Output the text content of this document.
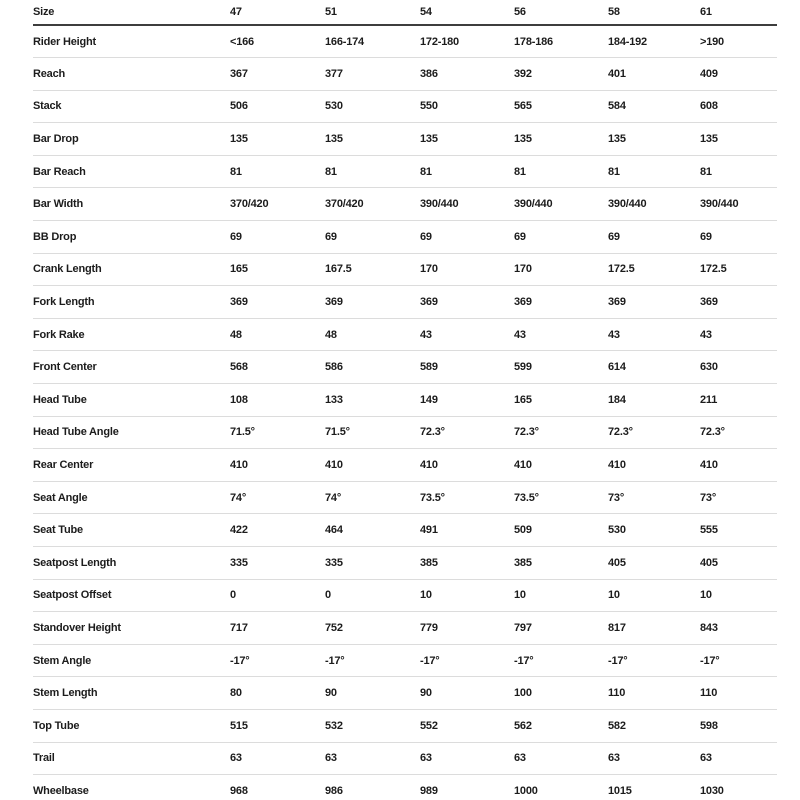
Size	47	51	54	56	58	61
Rider Height	<166	166-174	172-180	178-186	184-192	>190
Reach	367	377	386	392	401	409
Stack	506	530	550	565	584	608
Bar Drop	135	135	135	135	135	135
Bar Reach	81	81	81	81	81	81
Bar Width	370/420	370/420	390/440	390/440	390/440	390/440
BB Drop	69	69	69	69	69	69
Crank Length	165	167.5	170	170	172.5	172.5
Fork Length	369	369	369	369	369	369
Fork Rake	48	48	43	43	43	43
Front Center	568	586	589	599	614	630
Head Tube	108	133	149	165	184	211
Head Tube Angle	71.5°	71.5°	72.3°	72.3°	72.3°	72.3°
Rear Center	410	410	410	410	410	410
Seat Angle	74°	74°	73.5°	73.5°	73°	73°
Seat Tube	422	464	491	509	530	555
Seatpost Length	335	335	385	385	405	405
Seatpost Offset	0	0	10	10	10	10
Standover Height	717	752	779	797	817	843
Stem Angle	-17°	-17°	-17°	-17°	-17°	-17°
Stem Length	80	90	90	100	110	110
Top Tube	515	532	552	562	582	598
Trail	63	63	63	63	63	63
Wheelbase	968	986	989	1000	1015	1030
